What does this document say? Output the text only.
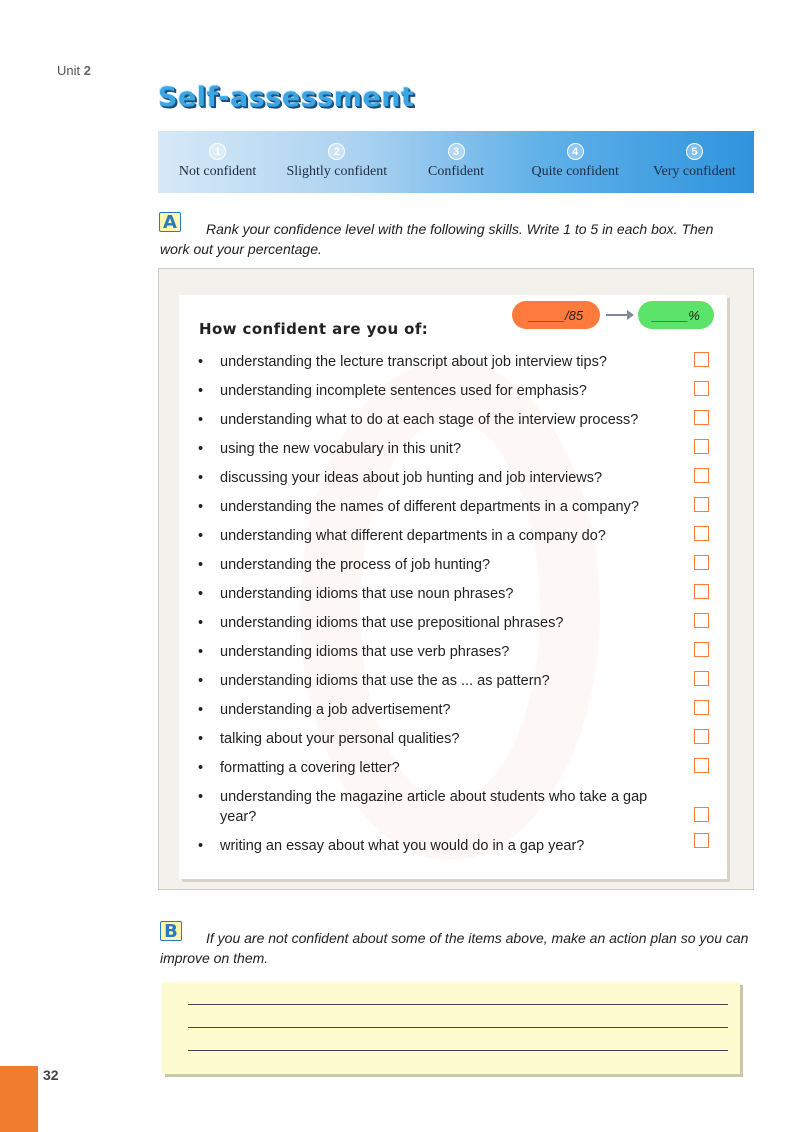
Unit 2
Self-assessment
1
Not confident
2
Slightly confident
3
Confident
4
Quite confident
5
Very confident
A	Rank your confidence level with the following skills. Write 1 to 5 in each box. Then work out your percentage.
How confident are you of:
_____/85	_____%
• understanding the lecture transcript about job interview tips?
• understanding incomplete sentences used for emphasis?
• understanding what to do at each stage of the interview process?
• using the new vocabulary in this unit?
• discussing your ideas about job hunting and job interviews?
• understanding the names of different departments in a company?
• understanding what different departments in a company do?
• understanding the process of job hunting?
• understanding idioms that use noun phrases?
• understanding idioms that use prepositional phrases?
• understanding idioms that use verb phrases?
• understanding idioms that use the as ... as pattern?
• understanding a job advertisement?
• talking about your personal qualities?
• formatting a covering letter?
• understanding the magazine article about students who take a gap year?
• writing an essay about what you would do in a gap year?
B	If you are not confident about some of the items above, make an action plan so you can improve on them.
32
